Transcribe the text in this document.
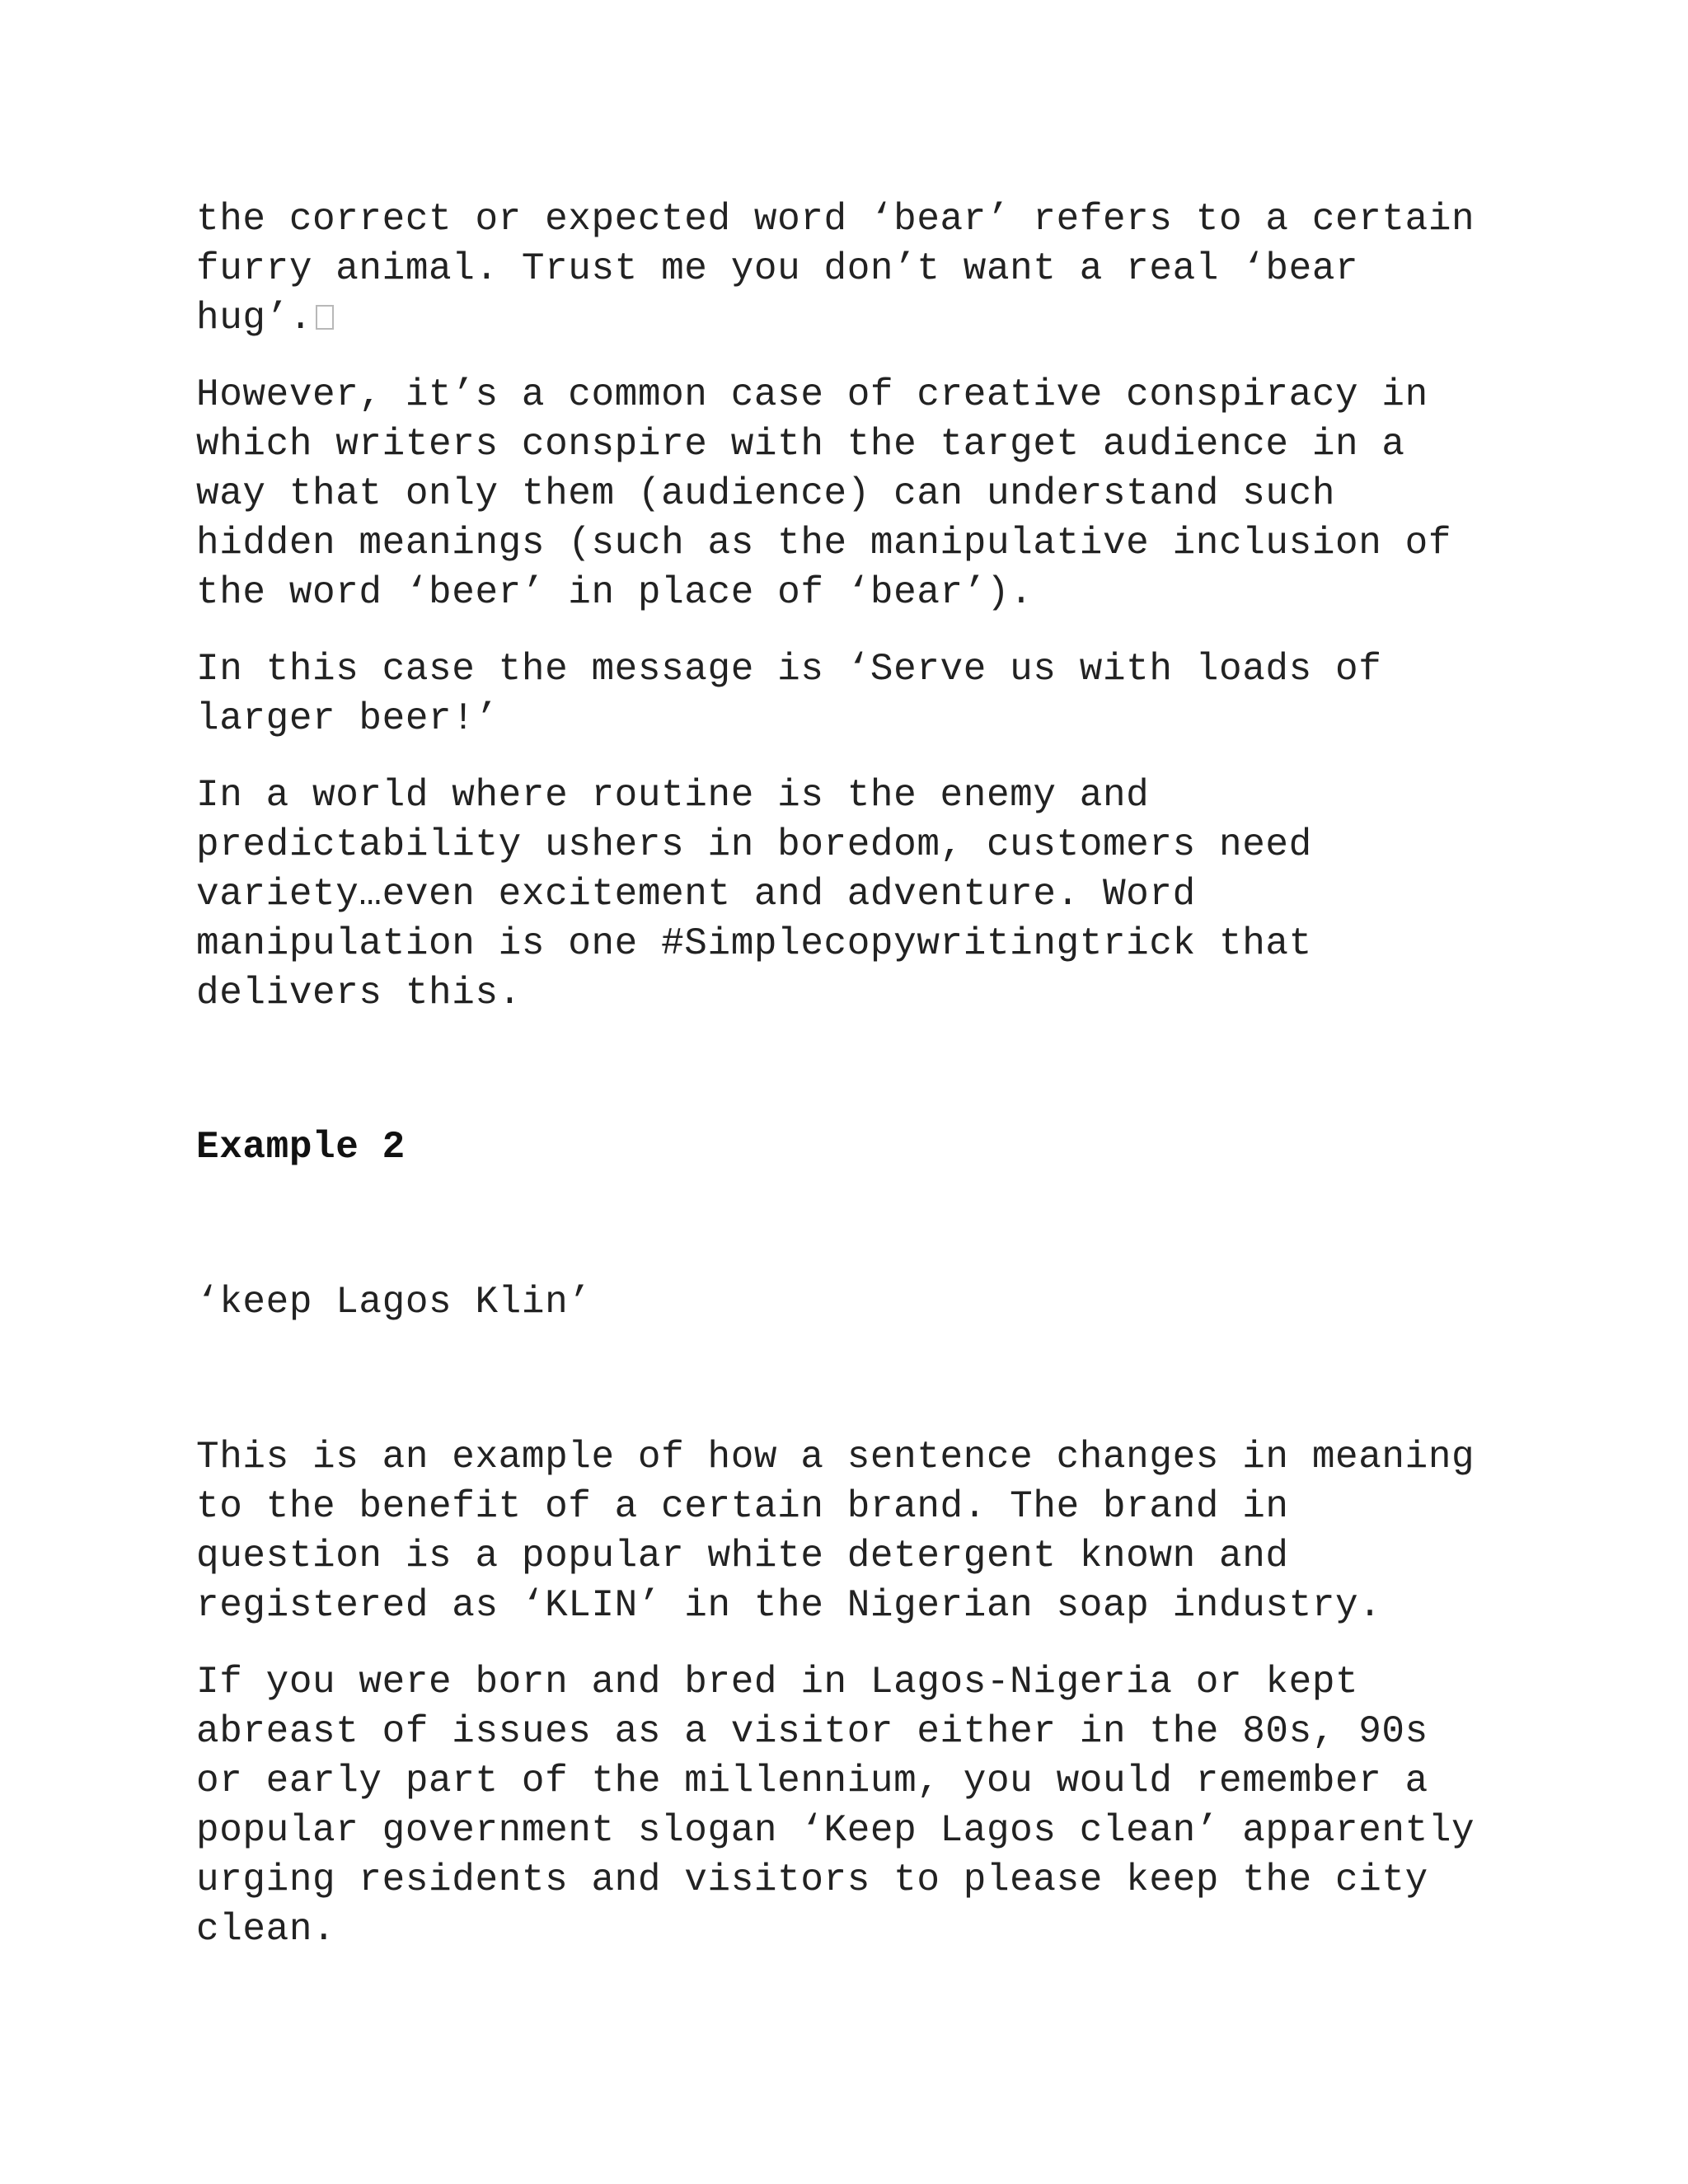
the correct or expected word ‘bear’ refers to a certain
furry animal. Trust me you don’t want a real ‘bear
hug’.

However, it’s a common case of creative conspiracy in
which writers conspire with the target audience in a
way that only them (audience) can understand such
hidden meanings (such as the manipulative inclusion of
the word ‘beer’ in place of ‘bear’).

In this case the message is ‘Serve us with loads of
larger beer!’

In a world where routine is the enemy and
predictability ushers in boredom, customers need
variety…even excitement and adventure. Word
manipulation is one #Simplecopywritingtrick that
delivers this.

Example 2

‘keep Lagos Klin’

This is an example of how a sentence changes in meaning
to the benefit of a certain brand. The brand in
question is a popular white detergent known and
registered as ‘KLIN’ in the Nigerian soap industry.

If you were born and bred in Lagos-Nigeria or kept
abreast of issues as a visitor either in the 80s, 90s
or early part of the millennium, you would remember a
popular government slogan ‘Keep Lagos clean’ apparently
urging residents and visitors to please keep the city
clean.
